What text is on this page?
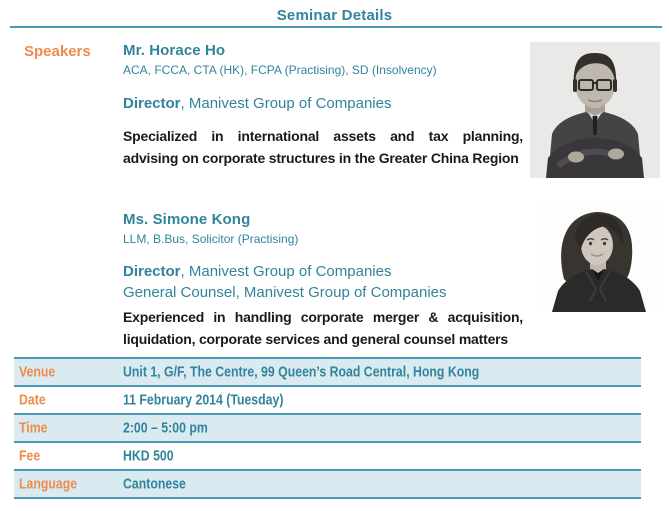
Seminar Details
Speakers Mr. Horace Ho
ACA, FCCA, CTA (HK), FCPA (Practising), SD (Insolvency)
Director, Manivest Group of Companies
Specialized in international assets and tax planning,
advising on corporate structures in the Greater China Region
Ms. Simone Kong
LLM, B.Bus, Solicitor (Practising)
Director, Manivest Group of Companies
General Counsel, Manivest Group of Companies
Experienced in handling corporate merger & acquisition,
liquidation, corporate services and general counsel matters
Venue	Unit 1, G/F, The Centre, 99 Queen’s Road Central, Hong Kong
Date	11 February 2014 (Tuesday)
Time	2:00 – 5:00 pm
Fee	HKD 500
Language	Cantonese
